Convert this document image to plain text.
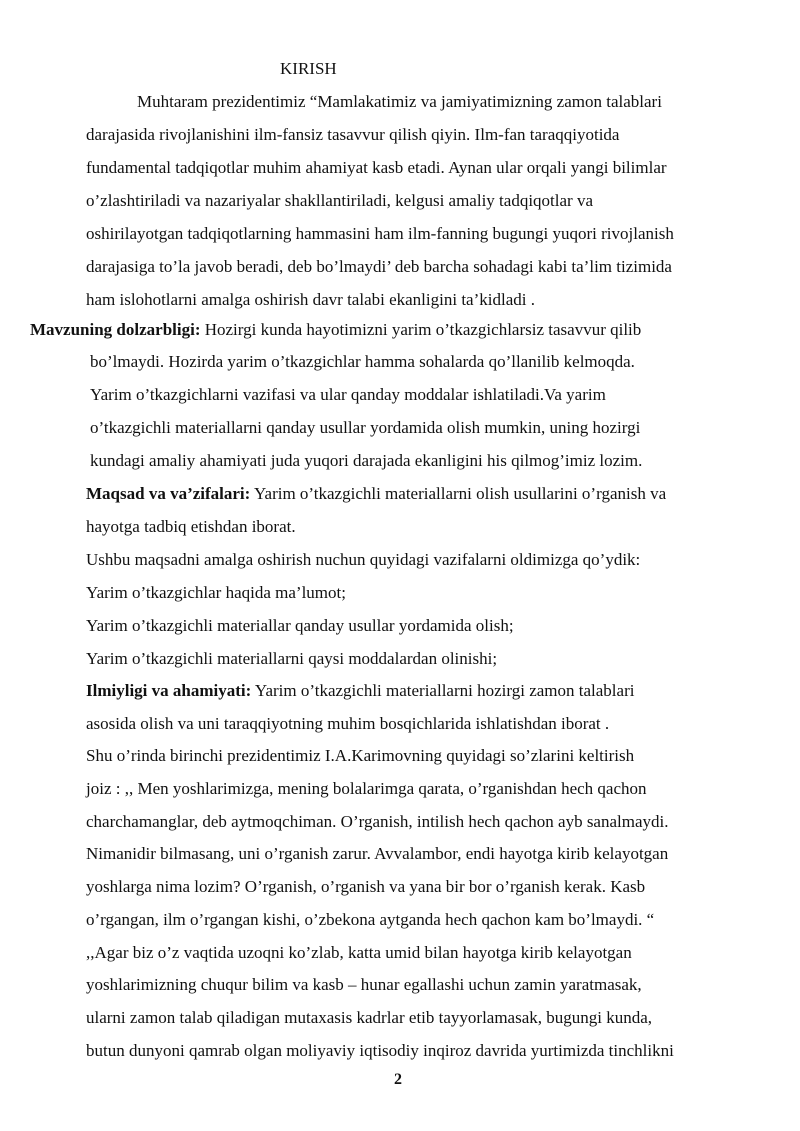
KIRISH
Muhtaram prezidentimiz “Mamlakatimiz va jamiyatimizning zamon talablari
darajasida rivojlanishini ilm-fansiz tasavvur qilish qiyin. Ilm-fan taraqqiyotida
fundamental tadqiqotlar muhim ahamiyat kasb etadi. Aynan ular orqali yangi bilimlar
o’zlashtiriladi va nazariyalar shakllantiriladi, kelgusi amaliy tadqiqotlar va
oshirilayotgan tadqiqotlarning hammasini ham ilm-fanning bugungi yuqori rivojlanish
darajasiga to’la javob beradi, deb bo’lmaydi’ deb barcha sohadagi kabi ta’lim tizimida
ham islohotlarni amalga oshirish davr talabi ekanligini ta’kidladi .
Mavzuning dolzarbligi: Hozirgi kunda hayotimizni yarim o’tkazgichlarsiz tasavvur qilib
bo’lmaydi. Hozirda yarim o’tkazgichlar hamma sohalarda qo’llanilib kelmoqda.
Yarim o’tkazgichlarni vazifasi va ular qanday moddalar ishlatiladi.Va yarim
o’tkazgichli materiallarni qanday usullar yordamida olish mumkin, uning hozirgi
kundagi amaliy ahamiyati juda yuqori darajada ekanligini his qilmog’imiz lozim.
Maqsad va va’zifalari: Yarim o’tkazgichli materiallarni olish usullarini o’rganish va
hayotga tadbiq etishdan iborat.
Ushbu maqsadni amalga oshirish nuchun quyidagi vazifalarni oldimizga qo’ydik:
Yarim o’tkazgichlar haqida ma’lumot;
Yarim o’tkazgichli materiallar qanday usullar yordamida olish;
Yarim o’tkazgichli materiallarni qaysi moddalardan olinishi;
Ilmiyligi va ahamiyati: Yarim o’tkazgichli materiallarni hozirgi zamon talablari
asosida olish va uni taraqqiyotning muhim bosqichlarida ishlatishdan iborat .
Shu o’rinda birinchi prezidentimiz I.A.Karimovning quyidagi so’zlarini keltirish
joiz : ,, Men yoshlarimizga, mening bolalarimga qarata, o’rganishdan hech qachon
charchamanglar, deb aytmoqchiman. O’rganish, intilish hech qachon ayb sanalmaydi.
Nimanidir bilmasang, uni o’rganish zarur. Avvalambor, endi hayotga kirib kelayotgan
yoshlarga nima lozim? O’rganish, o’rganish va yana bir bor o’rganish kerak. Kasb
o’rgangan, ilm o’rgangan kishi, o’zbekona aytganda hech qachon kam bo’lmaydi. “
,,Agar biz o’z vaqtida uzoqni ko’zlab, katta umid bilan hayotga kirib kelayotgan
yoshlarimizning chuqur bilim va kasb – hunar egallashi uchun zamin yaratmasak,
ularni zamon talab qiladigan mutaxasis kadrlar etib tayyorlamasak, bugungi kunda,
butun dunyoni qamrab olgan moliyaviy iqtisodiy inqiroz davrida yurtimizda tinchlikni
2
